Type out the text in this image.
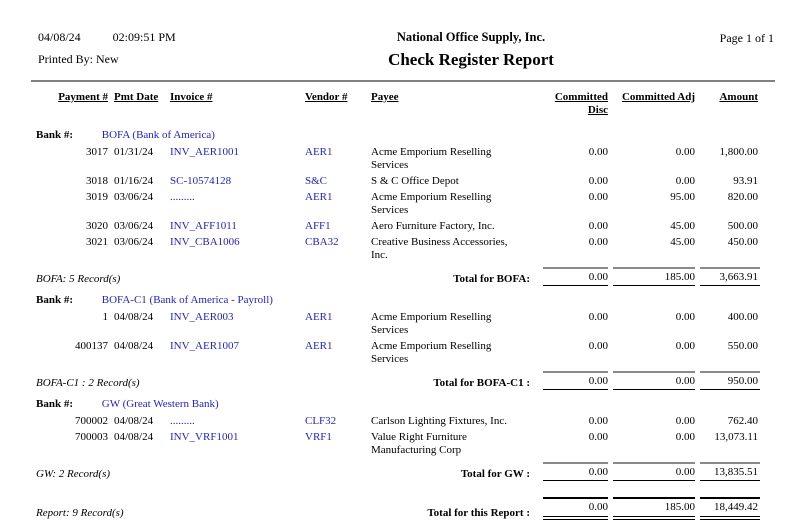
04/08/24	02:09:51 PM
Printed By: New
National Office Supply, Inc.
Check Register Report
Page 1 of 1
Payment #	Pmt Date	Invoice #	Vendor #	Payee	Committed Disc	Committed Adj	Amount
Bank #: BOFA (Bank of America)							
3017	01/31/24	INV_AER1001	AER1	Acme Emporium Reselling Services	0.00	0.00	1,800.00
3018	01/16/24	SC-10574128	S&C	S & C Office Depot	0.00	0.00	93.91
3019	03/06/24	.........	AER1	Acme Emporium Reselling Services	0.00	95.00	820.00
3020	03/06/24	INV_AFF1011	AFF1	Aero Furniture Factory, Inc.	0.00	45.00	500.00
3021	03/06/24	INV_CBA1006	CBA32	Creative Business Accessories, Inc.	0.00	45.00	450.00
BOFA: 5 Record(s)				Total for BOFA:	0.00	185.00	3,663.91

Bank #: BOFA-C1 (Bank of America - Payroll)							
1	04/08/24	INV_AER003	AER1	Acme Emporium Reselling Services	0.00	0.00	400.00
400137	04/08/24	INV_AER1007	AER1	Acme Emporium Reselling Services	0.00	0.00	550.00
BOFA-C1 : 2 Record(s)				Total for BOFA-C1 :	0.00	0.00	950.00

Bank #: GW (Great Western Bank)							
700002	04/08/24	.........	CLF32	Carlson Lighting Fixtures, Inc.	0.00	0.00	762.40
700003	04/08/24	INV_VRF1001	VRF1	Value Right Furniture Manufacturing Corp	0.00	0.00	13,073.11
GW: 2 Record(s)				Total for GW :	0.00	0.00	13,835.51

Report: 9 Record(s)				Total for this Report :	0.00	185.00	18,449.42
